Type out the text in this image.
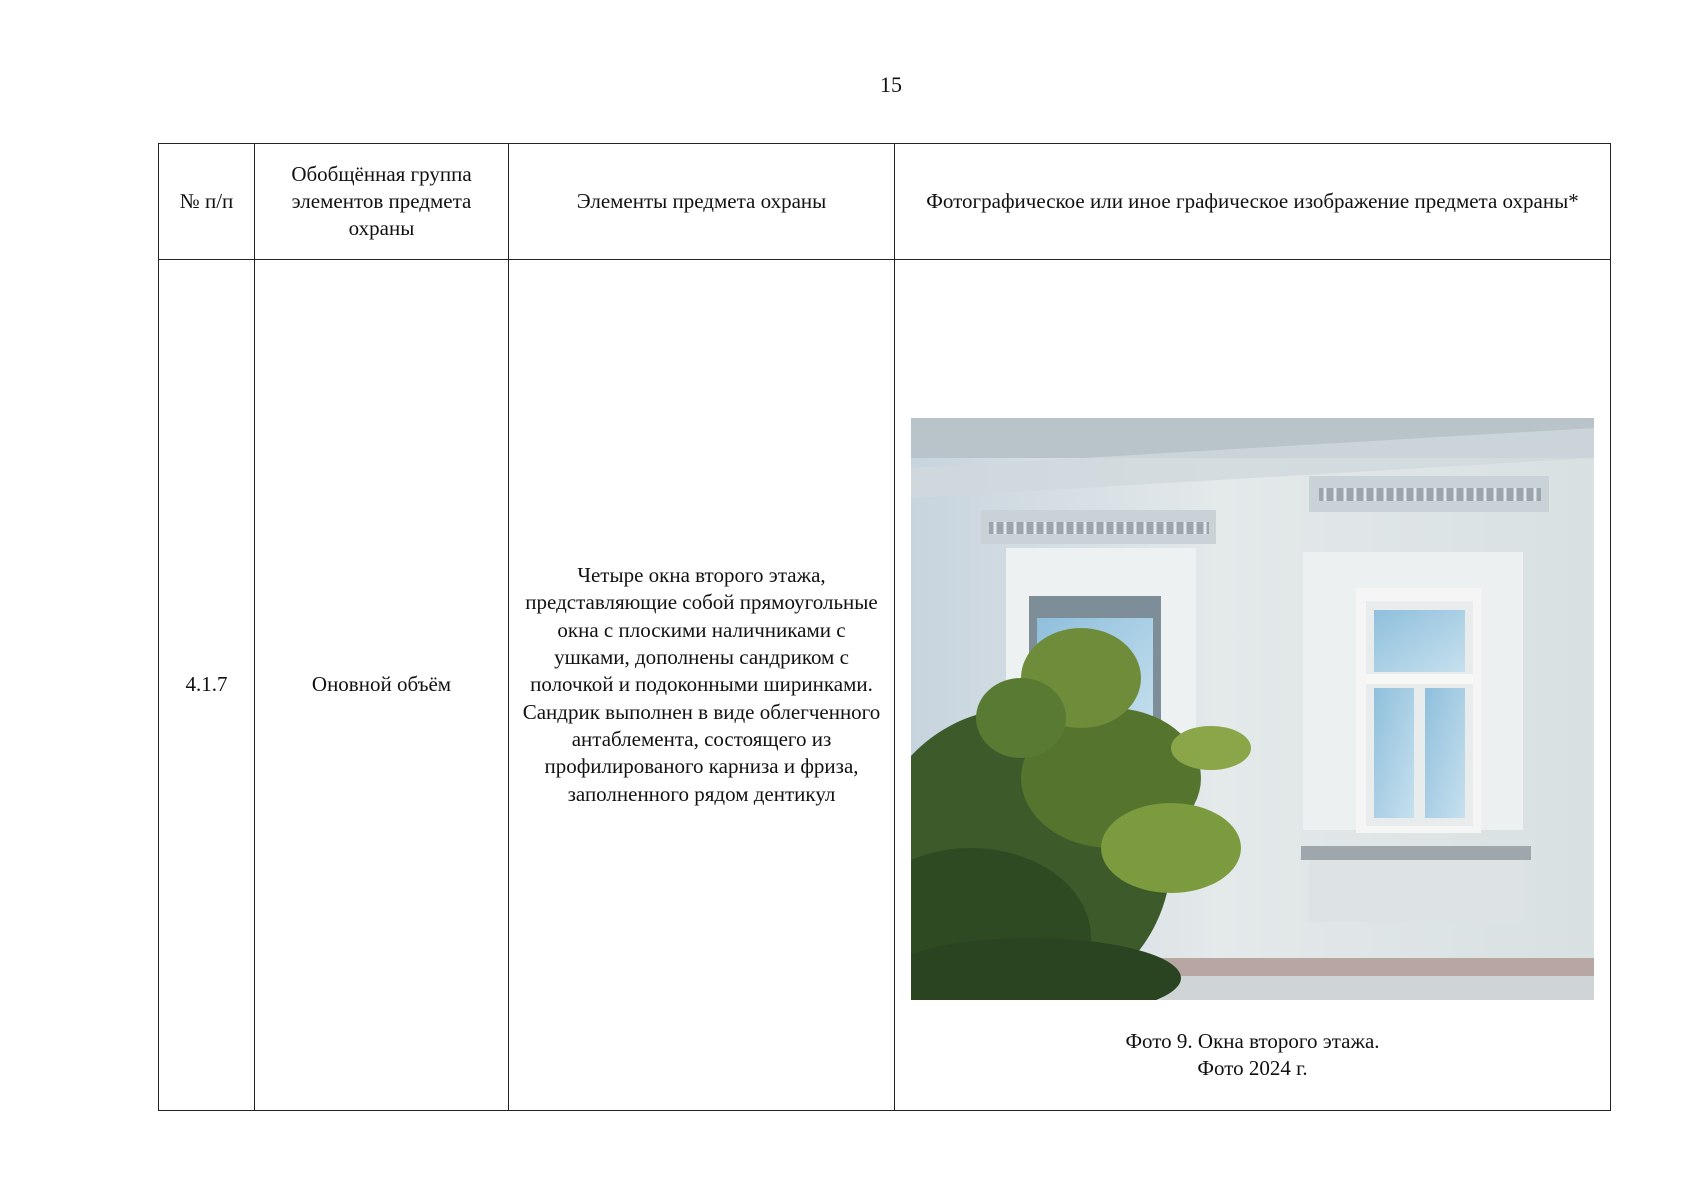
15
№ п/п	Обобщённая группа элементов предмета охраны	Элементы предмета охраны	Фотографическое или иное графическое изображение предмета охраны*
4.1.7	Оновной объём	Четыре окна второго этажа, представляющие собой прямоугольные окна с плоскими наличниками с ушками, дополнены сандриком с полочкой и подоконными ширинками. Сандрик выполнен в виде облегченного антаблемента, состоящего из профилированого карниза и фриза, заполненного рядом дентикул	Фото 9. Окна второго этажа.
Фото 2024 г.
